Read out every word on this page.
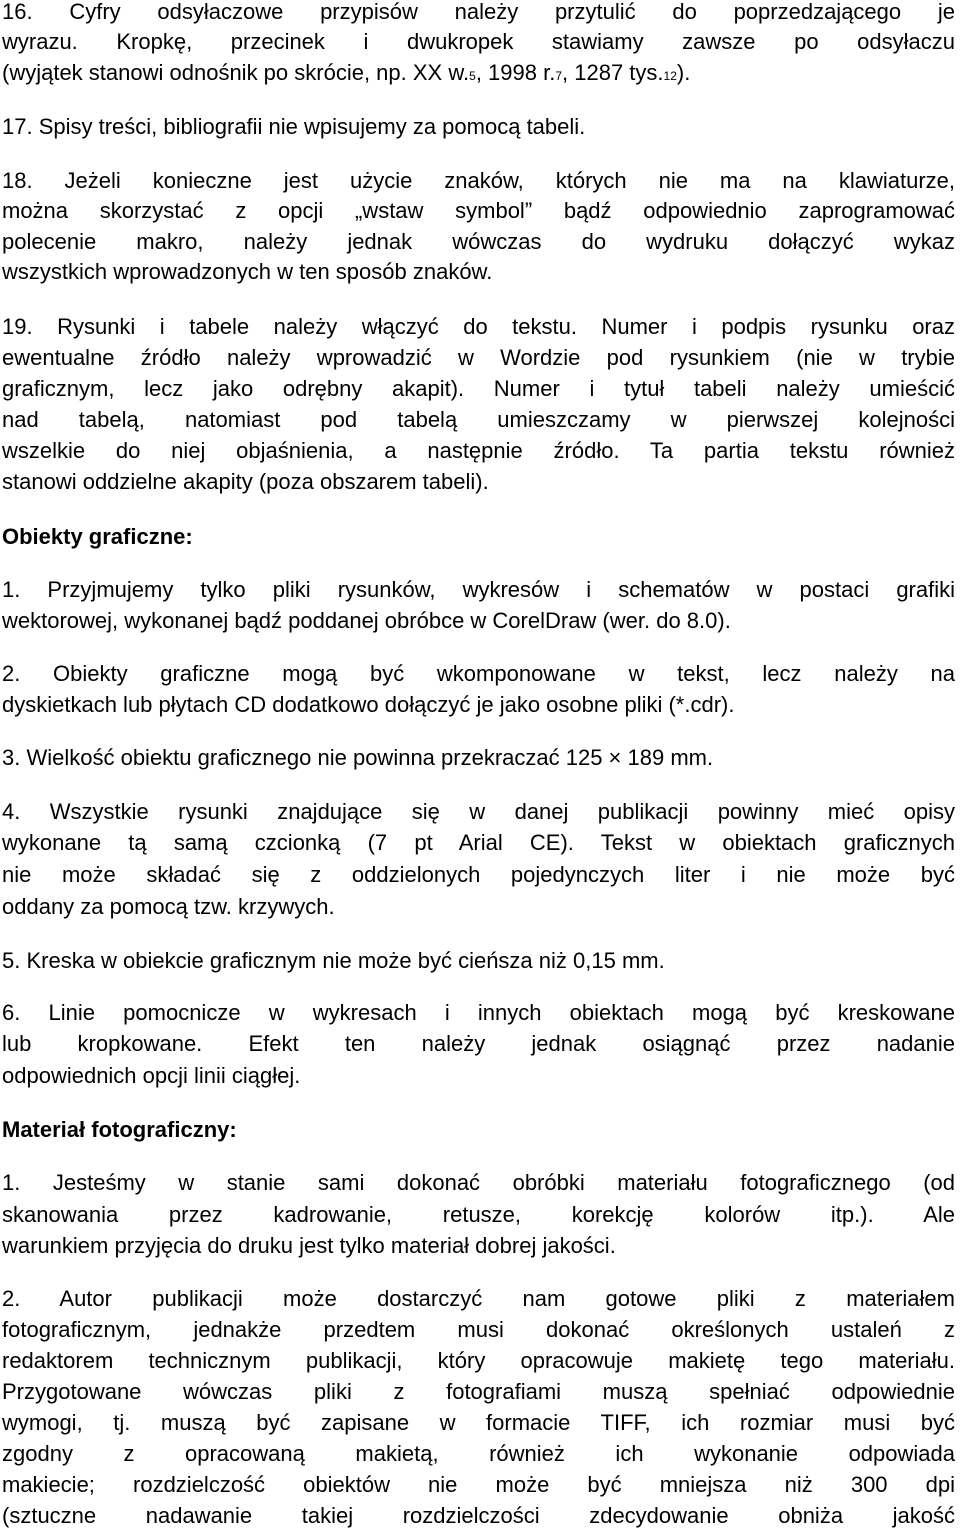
16. Cyfry odsyłaczowe przypisów należy przytulić do poprzedzającego je
wyrazu. Kropkę, przecinek i dwukropek stawiamy zawsze po odsyłaczu
(wyjątek stanowi odnośnik po skrócie, np. XX w.5, 1998 r.7, 1287 tys.12).
17. Spisy treści, bibliografii nie wpisujemy za pomocą tabeli.
18. Jeżeli konieczne jest użycie znaków, których nie ma na klawiaturze,
można skorzystać z opcji „wstaw symbol” bądź odpowiednio zaprogramować
polecenie makro, należy jednak wówczas do wydruku dołączyć wykaz
wszystkich wprowadzonych w ten sposób znaków.
19. Rysunki i tabele należy włączyć do tekstu. Numer i podpis rysunku oraz
ewentualne źródło należy wprowadzić w Wordzie pod rysunkiem (nie w trybie
graficznym, lecz jako odrębny akapit). Numer i tytuł tabeli należy umieścić
nad tabelą, natomiast pod tabelą umieszczamy w pierwszej kolejności
wszelkie do niej objaśnienia, a następnie źródło. Ta partia tekstu również
stanowi oddzielne akapity (poza obszarem tabeli).
Obiekty graficzne:
1. Przyjmujemy tylko pliki rysunków, wykresów i schematów w postaci grafiki
wektorowej, wykonanej bądź poddanej obróbce w CorelDraw (wer. do 8.0).
2. Obiekty graficzne mogą być wkomponowane w tekst, lecz należy na
dyskietkach lub płytach CD dodatkowo dołączyć je jako osobne pliki (*.cdr).
3. Wielkość obiektu graficznego nie powinna przekraczać 125 × 189 mm.
4. Wszystkie rysunki znajdujące się w danej publikacji powinny mieć opisy
wykonane tą samą czcionką (7 pt Arial CE). Tekst w obiektach graficznych
nie może składać się z oddzielonych pojedynczych liter i nie może być
oddany za pomocą tzw. krzywych.
5. Kreska w obiekcie graficznym nie może być cieńsza niż 0,15 mm.
6. Linie pomocnicze w wykresach i innych obiektach mogą być kreskowane
lub kropkowane. Efekt ten należy jednak osiągnąć przez nadanie
odpowiednich opcji linii ciągłej.
Materiał fotograficzny:
1. Jesteśmy w stanie sami dokonać obróbki materiału fotograficznego (od
skanowania przez kadrowanie, retusze, korekcję kolorów itp.). Ale
warunkiem przyjęcia do druku jest tylko materiał dobrej jakości.
2. Autor publikacji może dostarczyć nam gotowe pliki z materiałem
fotograficznym, jednakże przedtem musi dokonać określonych ustaleń z
redaktorem technicznym publikacji, który opracowuje makietę tego materiału.
Przygotowane wówczas pliki z fotografiami muszą spełniać odpowiednie
wymogi, tj. muszą być zapisane w formacie TIFF, ich rozmiar musi być
zgodny z opracowaną makietą, również ich wykonanie odpowiada
makiecie; rozdzielczość obiektów nie może być mniejsza niż 300 dpi
(sztuczne nadawanie takiej rozdzielczości zdecydowanie obniża jakość
